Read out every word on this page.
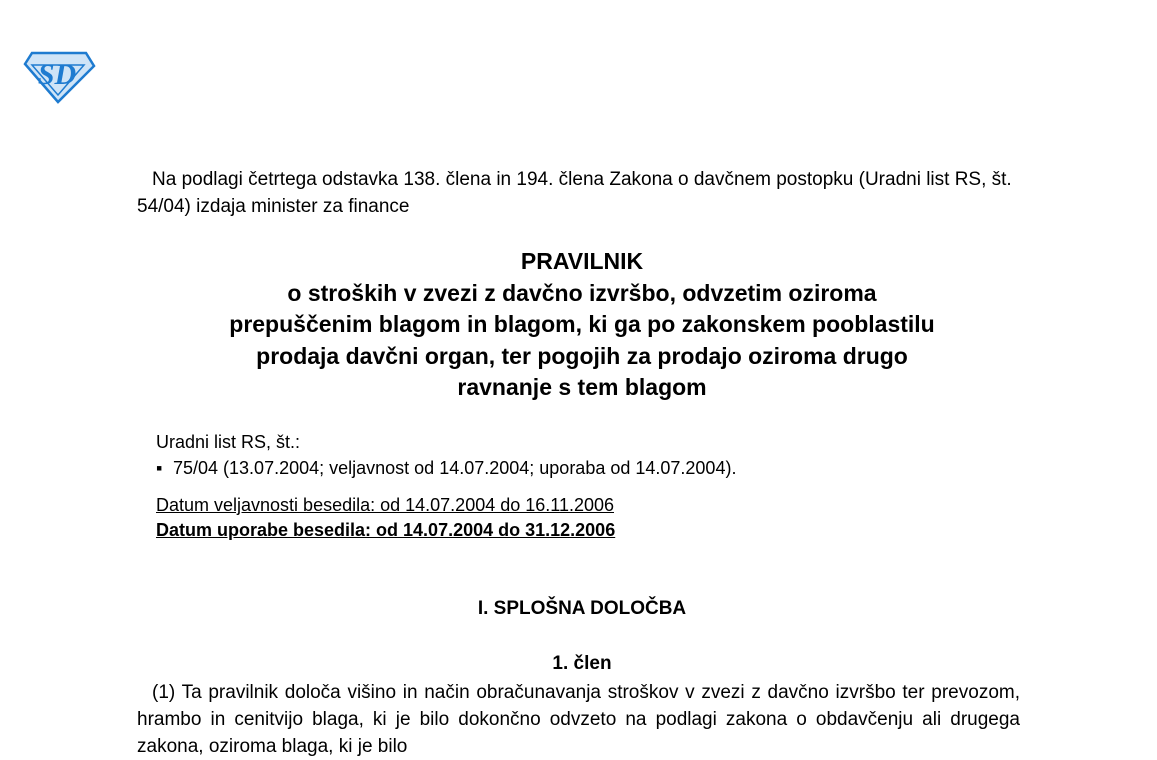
SD
Na podlagi četrtega odstavka 138. člena in 194. člena Zakona o davčnem postopku (Uradni list RS, št. 54/04) izdaja minister za finance
PRAVILNIK
o stroških v zvezi z davčno izvršbo, odvzetim oziroma
prepuščenim blagom in blagom, ki ga po zakonskem pooblastilu
prodaja davčni organ, ter pogojih za prodajo oziroma drugo
ravnanje s tem blagom
Uradni list RS, št.:
▪ 75/04 (13.07.2004; veljavnost od 14.07.2004; uporaba od 14.07.2004).
Datum veljavnosti besedila: od 14.07.2004 do 16.11.2006
Datum uporabe besedila: od 14.07.2004 do 31.12.2006
I. SPLOŠNA DOLOČBA
1. člen
(1) Ta pravilnik določa višino in način obračunavanja stroškov v zvezi z davčno izvršbo ter prevozom, hrambo in cenitvijo blaga, ki je bilo dokončno odvzeto na podlagi zakona o obdavčenju ali drugega zakona, oziroma blaga, ki je bilo
